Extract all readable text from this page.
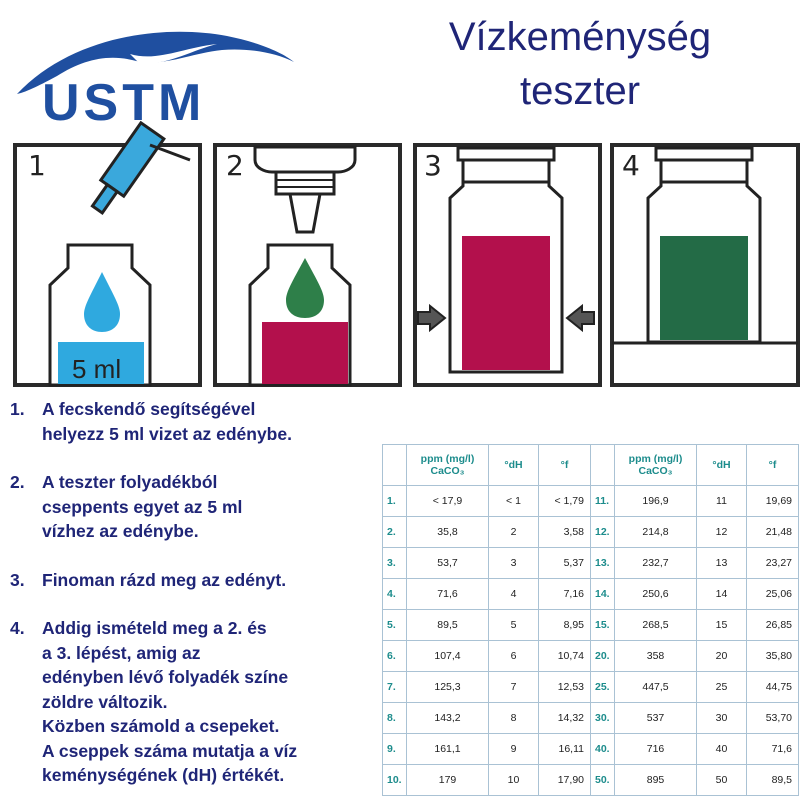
USTM
Vízkeménység
teszter
1
5 ml
2	3	4
1. A fecskendő segítségével
helyezz 5 ml vizet az edénybe.
2. A teszter folyadékból
cseppents egyet az 5 ml
vízhez az edénybe.
3. Finoman rázd meg az edényt.
4. Addig ismételd meg a 2. és
a 3. lépést, amig az
edényben lévő folyadék színe
zöldre változik.
Közben számold a csepeket.
A cseppek száma mutatja a víz
keménységének (dH) értékét.
	ppm (mg/l)
CaCO₃	°dH	°f		ppm (mg/l)
CaCO₃	°dH	°f
1.	< 17,9	< 1	< 1,79	11.	196,9	11	19,69
2.	35,8	2	3,58	12.	214,8	12	21,48
3.	53,7	3	5,37	13.	232,7	13	23,27
4.	71,6	4	7,16	14.	250,6	14	25,06
5.	89,5	5	8,95	15.	268,5	15	26,85
6.	107,4	6	10,74	20.	358	20	35,80
7.	125,3	7	12,53	25.	447,5	25	44,75
8.	143,2	8	14,32	30.	537	30	53,70
9.	161,1	9	16,11	40.	716	40	71,6
10.	179	10	17,90	50.	895	50	89,5
